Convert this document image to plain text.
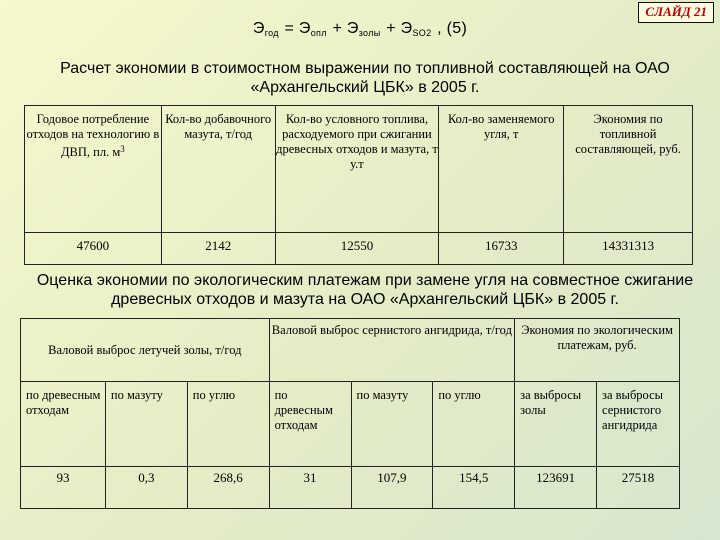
СЛАЙД 21
$Э_{год} = Э_{опл} + Э_{золы} + Э_{SO2}$ , (5)
Расчет экономии в стоимостном выражении по топливной составляющей на ОАО «Архангельский ЦБК» в 2005 г.
Годовое потребление отходов на технологию в ДВП, пл. $м^3$	Кол-во добавочного мазута, т/год	Кол-во условного топлива, расходуемого при сжигании древесных отходов и мазута, т у.т	Кол-во заменяемого угля, т	Экономия по топливной составляющей, руб.
47600	2142	12550	16733	14331313
Оценка экономии по экологическим платежам при замене угля на совместное сжигание древесных отходов и мазута на ОАО «Архангельский ЦБК» в 2005 г.
Валовой выброс летучей золы, т/год			Валовой выброс сернистого ангидрида, т/год			Экономия по экологическим платежам, руб.	
по древесным отходам	по мазуту	по углю	по древесным отходам	по мазуту	по углю	за выбросы золы	за выбросы сернистого ангидрида
93	0,3	268,6	31	107,9	154,5	123691	27518
